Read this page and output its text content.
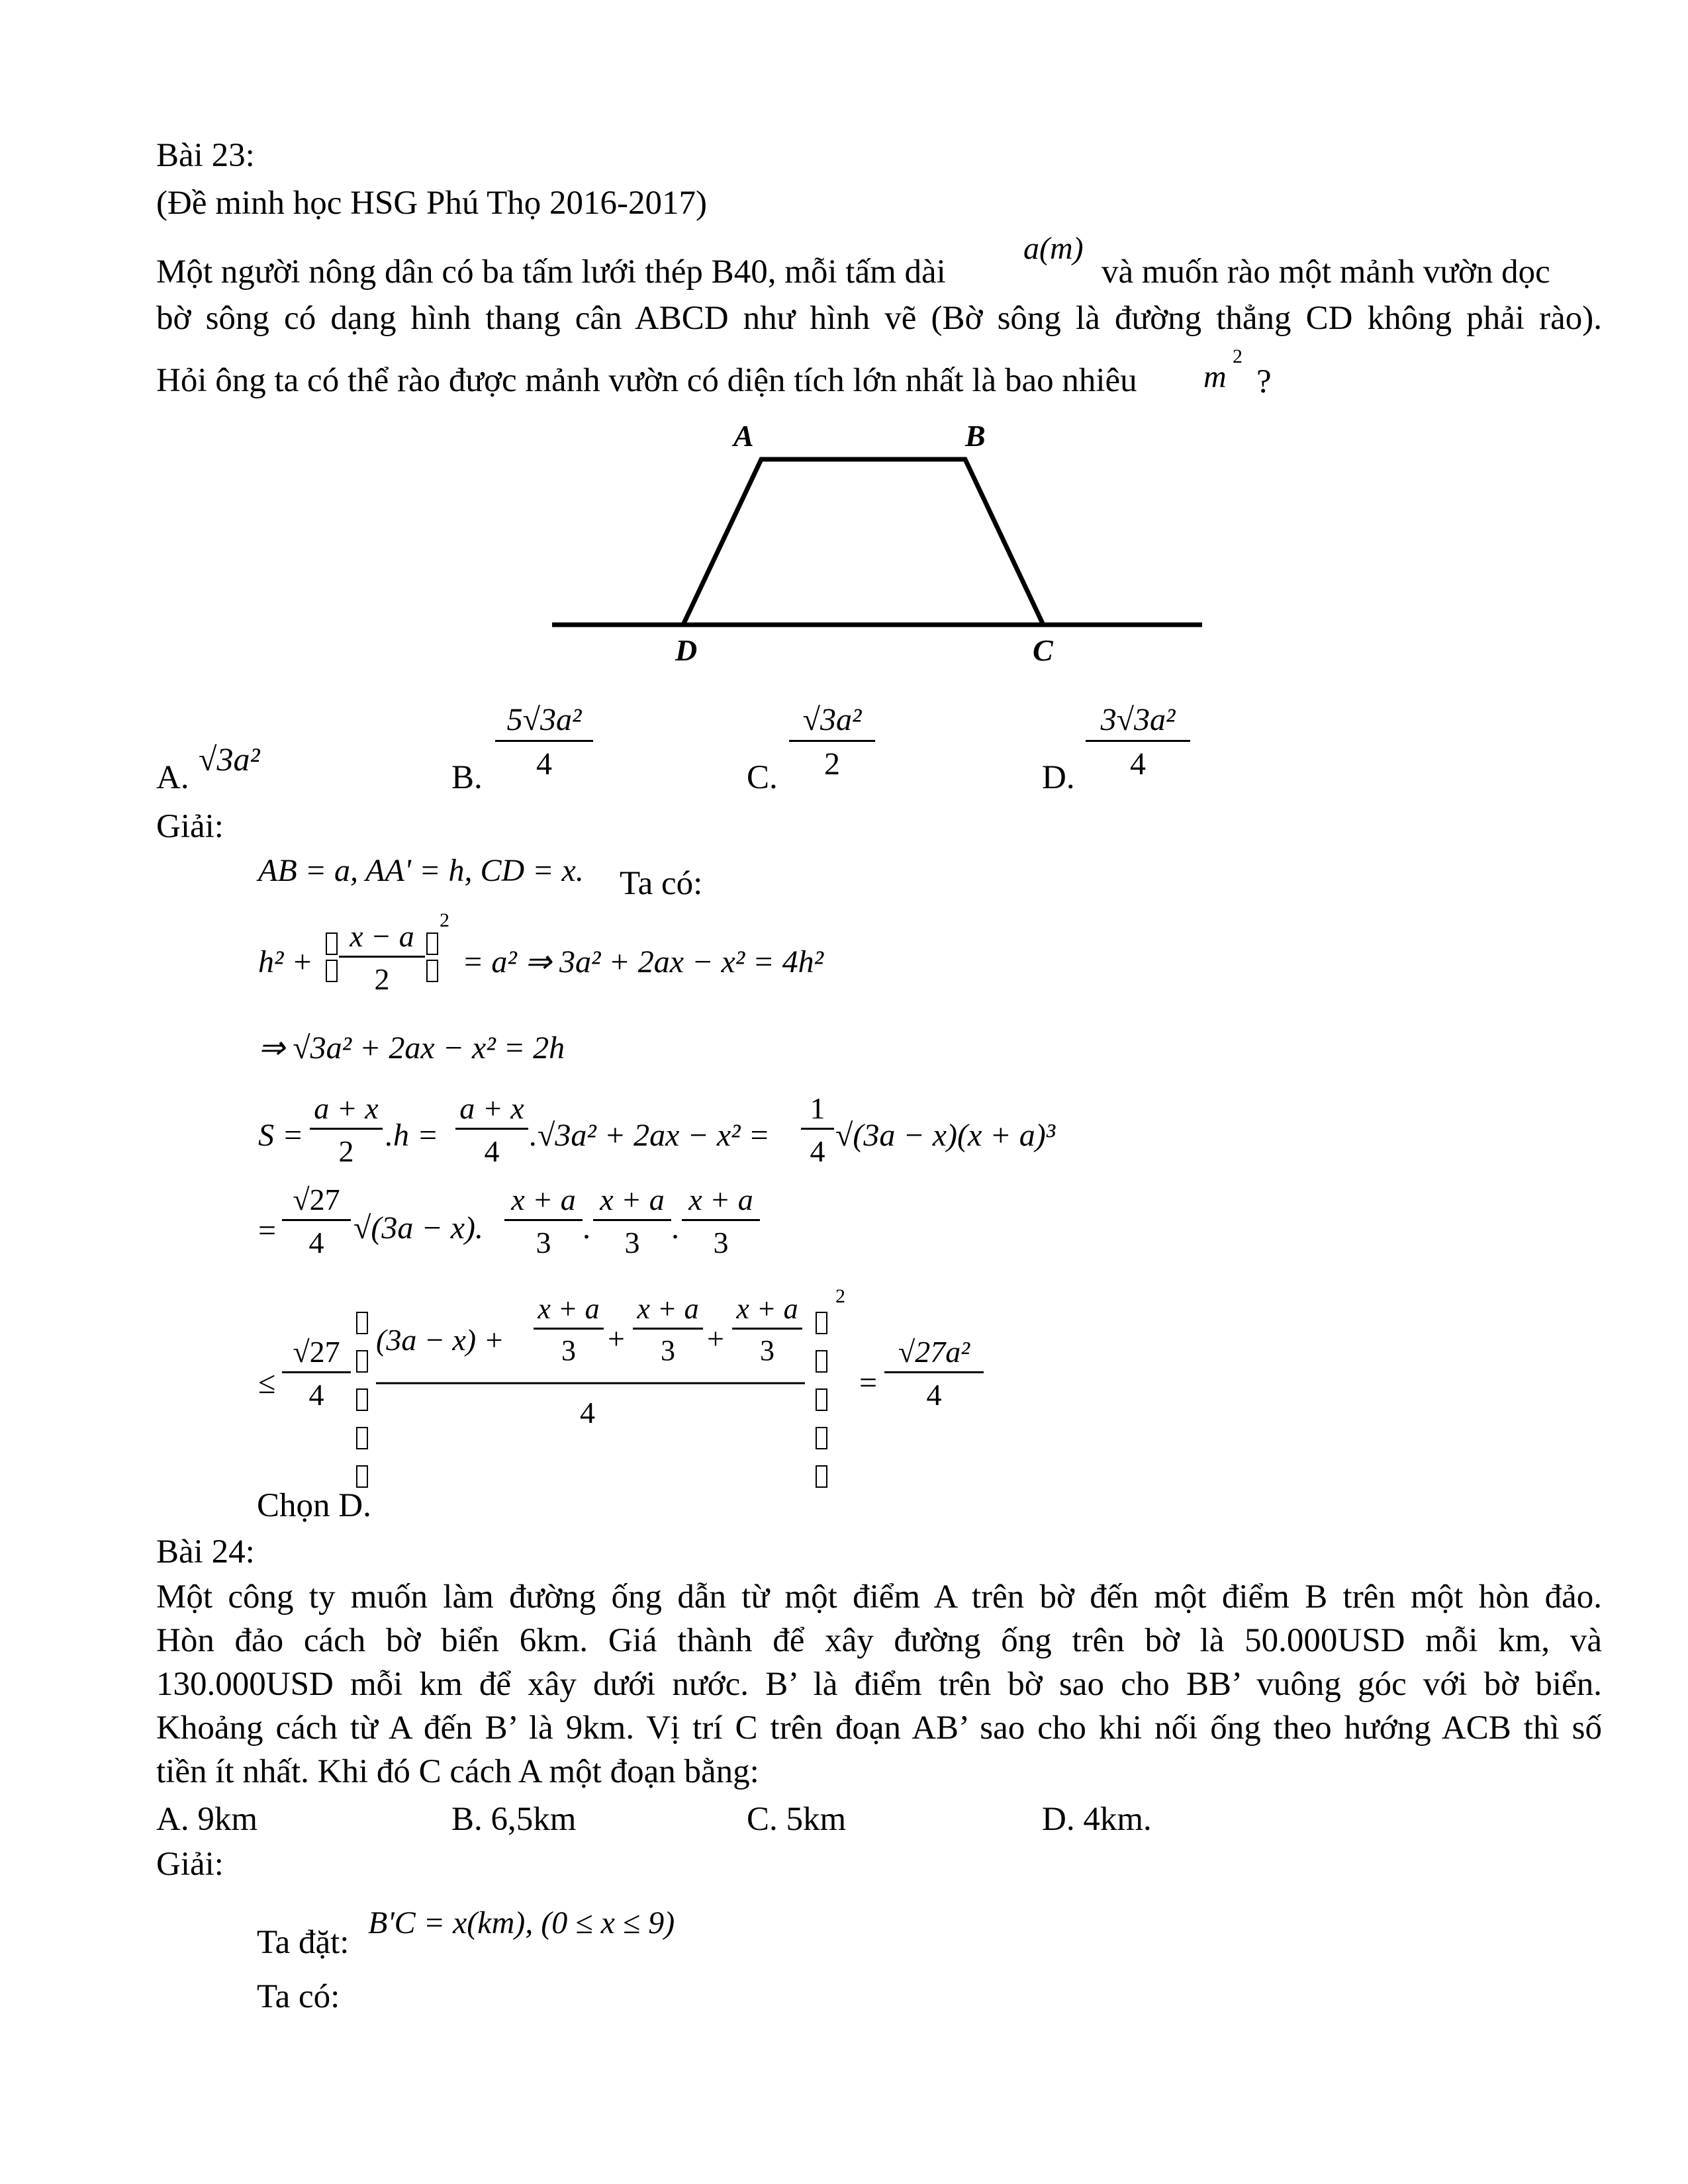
Bài 23:
(Đề minh học HSG Phú Thọ 2016-2017)
Một người nông dân có ba tấm lưới thép B40, mỗi tấm dài
a(m)
và muốn rào một mảnh vườn dọc
bờ sông có dạng hình thang cân ABCD như hình vẽ (Bờ sông là đường thẳng CD không phải rào).
Hỏi ông ta có thể rào được mảnh vườn có diện tích lớn nhất là bao nhiêu m
2
?
A	B
D	C
A. √3a²	B. $\frac{\text{5√3a²}}{4}$	C. $\frac{\text{√3a²}}{2}$	D. $\frac{\text{3√3a²}}{4}$
Giải:
AB = a, AA' = h, CD = x. Ta có:
$h^2 + \frac{x - a}{2}$

2
= a² ⇒ 3a² + 2ax − x² = 4h²
⇒ √3a² + 2ax − x² = 2h
$S = \frac{a + x}{2} .h = \frac{a + x}{4} .√3a^2 + 2ax - x^2 = \frac{1}{4} √(3a - x)(x + a)^3$
= $\frac{√27}{4} √(3a - x)$. $\frac{x + a}{3}$ . $\frac{x + a}{3}$ . $\frac{x + a}{3}$
≤ $\frac{√27}{4} (3a - x) + \frac{x + a}{3} + \frac{x + a}{3} + \frac{x + a}{3}$
4

2
= $\frac{\text{√27a²}}{4}$
Chọn D.
Bài 24:
Một công ty muốn làm đường ống dẫn từ một điểm A trên bờ đến một điểm B trên một hòn đảo.
Hòn đảo cách bờ biển 6km. Giá thành để xây đường ống trên bờ là 50.000USD mỗi km, và
130.000USD mỗi km để xây dưới nước. B’ là điểm trên bờ sao cho BB’ vuông góc với bờ biển.
Khoảng cách từ A đến B’ là 9km. Vị trí C trên đoạn AB’ sao cho khi nối ống theo hướng ACB thì số
tiền ít nhất. Khi đó C cách A một đoạn bằng:
A. 9km	B. 6,5km	C. 5km	D. 4km.
Giải:
Ta đặt:
B'C = x(km), (0 ≤ x ≤ 9)
Ta có:
